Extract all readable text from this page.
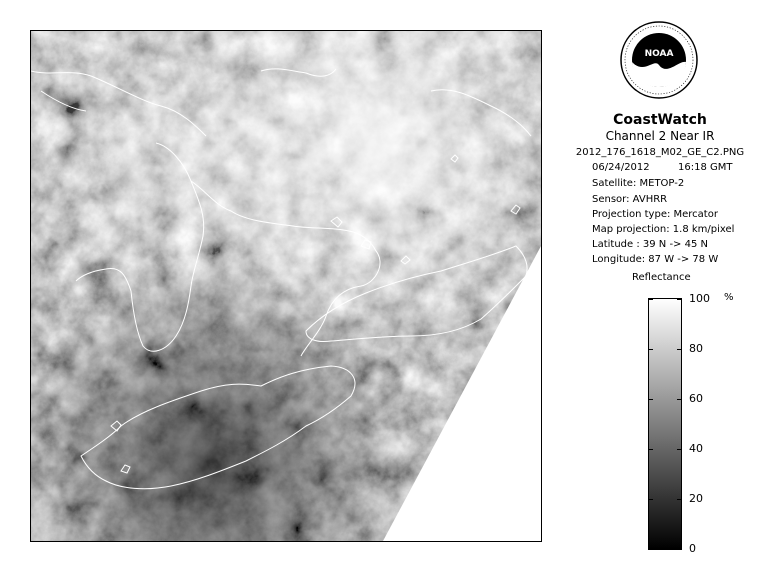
NOAA
CoastWatch
Channel 2 Near IR
2012_176_1618_M02_GE_C2.PNG
06/24/2012	16:18 GMT
Satellite: METOP-2
Sensor: AVHRR
Projection type: Mercator
Map projection: 1.8 km/pixel
Latitude : 39 N -> 45 N
Longitude: 87 W -> 78 W
Reflectance
%
100
80
60
40
20
0
